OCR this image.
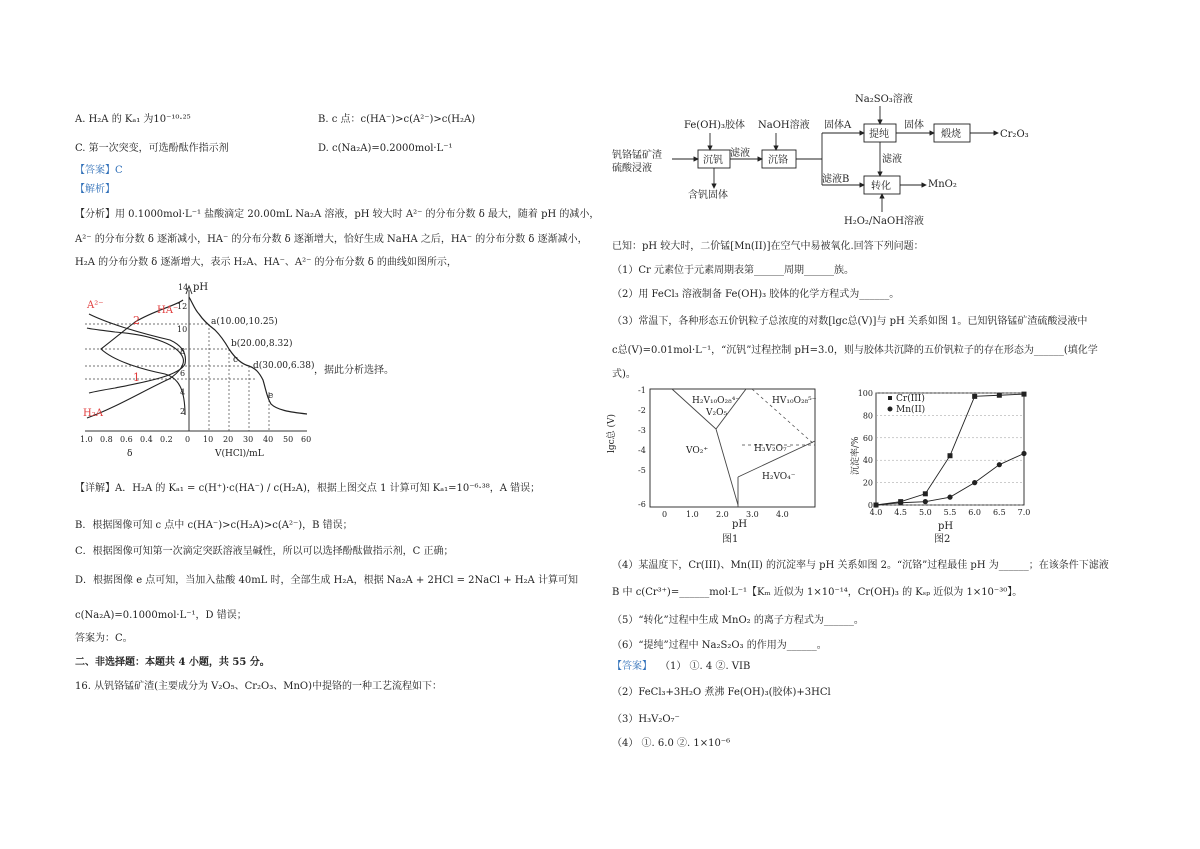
A. H₂A 的 Kₐ₁ 为10⁻¹⁰·²⁵	B. c 点：c(HA⁻)>c(A²⁻)>c(H₂A)
C. 第一次突变，可选酚酞作指示剂	D. c(Na₂A)=0.2000mol·L⁻¹
【答案】C
【解析】
【分析】用 0.1000mol·L⁻¹ 盐酸滴定 20.00mL Na₂A 溶液，pH 较大时 A²⁻ 的分布分数 δ 最大，随着 pH 的减小，
A²⁻ 的分布分数 δ 逐渐减小，HA⁻ 的分布分数 δ 逐渐增大，恰好生成 NaHA 之后，HA⁻ 的分布分数 δ 逐渐减小，
H₂A 的分布分数 δ 逐渐增大，表示 H₂A、HA⁻、A²⁻ 的分布分数 δ 的曲线如图所示，
pH
14
12
10
8
6
4
2
A²⁻	HA⁻
H₂A
2
1
a(10.00,10.25)
b(20.00,8.32)
c
d(30.00,6.38)
e
1.0 0.8 0.6 0.4 0.2 0 10 20 30 40 50 60
δ	V(HCl)/mL
，据此分析选择。
【详解】A．H₂A 的 Kₐ₁ = c(H⁺)·c(HA⁻) / c(H₂A)，根据上图交点 1 计算可知 Kₐ₁=10⁻⁶·³⁸，A 错误；
B．根据图像可知 c 点中 c(HA⁻)>c(H₂A)>c(A²⁻)，B 错误；
C．根据图像可知第一次滴定突跃溶液呈碱性，所以可以选择酚酞做指示剂，C 正确；
D．根据图像 e 点可知，当加入盐酸 40mL 时，全部生成 H₂A，根据 Na₂A + 2HCl = 2NaCl + H₂A 计算可知
c(Na₂A)=0.1000mol·L⁻¹，D 错误；
答案为：C。
二、非选择题：本题共 4 小题，共 55 分。
16. 从钒铬锰矿渣(主要成分为 V₂O₅、Cr₂O₃、MnO)中提铬的一种工艺流程如下：
Na₂SO₃溶液
Fe(OH)₃胶体 NaOH溶液 固体A	固体
钒铬锰矿渣
硫酸浸液
滤液
滤液
滤液B
含钒固体
MnO₂
Cr₂O₃
H₂O₂/NaOH溶液
沉钒	沉铬
提纯	煅烧
转化
已知：pH 较大时，二价锰[Mn(II)]在空气中易被氧化.回答下列问题：
（1）Cr 元素位于元素周期表第______周期______族。
（2）用 FeCl₃ 溶液制备 Fe(OH)₃ 胶体的化学方程式为______。
（3）常温下，各种形态五价钒粒子总浓度的对数[lgc总(V)]与 pH 关系如图 1。已知钒铬锰矿渣硫酸浸液中
c总(V)=0.01mol·L⁻¹，“沉钒”过程控制 pH=3.0，则与胶体共沉降的五价钒粒子的存在形态为______(填化学
式)。
-1
-2
-3
-4
-5
-6
0 1.0 2.0 3.0 4.0
pH
lgc总 (V)
H₂V₁₀O₂₈⁴⁻
V₂O₅
HV₁₀O₂₈⁵⁻
VO₂⁺	H₃V₂O₇⁻
H₂VO₄⁻
图1
0
20
40
60
80
100
4.0 4.5 5.0 5.5 6.0 6.5 7.0
pH
沉淀率/%
Cr(III)
Mn(II)
图2
（4）某温度下，Cr(III)、Mn(II) 的沉淀率与 pH 关系如图 2。“沉铬”过程最佳 pH 为______；在该条件下滤液
B 中 c(Cr³⁺)=______mol·L⁻¹【Kₘ 近似为 1×10⁻¹⁴，Cr(OH)₃ 的 Kₛₚ 近似为 1×10⁻³⁰】。
（5）“转化”过程中生成 MnO₂ 的离子方程式为______。
（6）“提纯”过程中 Na₂S₂O₃ 的作用为______。
【答案】 （1） ①. 4 ②. VIB
（2）FeCl₃+3H₂O 煮沸 Fe(OH)₃(胶体)+3HCl
（3）H₃V₂O₇⁻
（4） ①. 6.0 ②. 1×10⁻⁶
